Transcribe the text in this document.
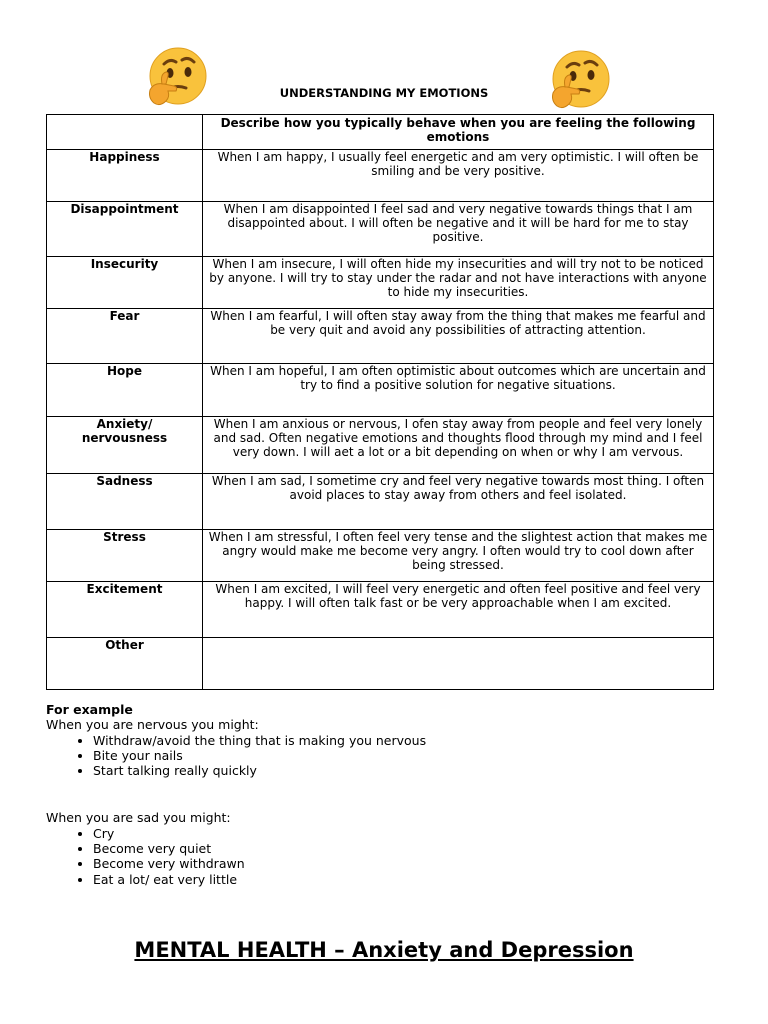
UNDERSTANDING MY EMOTIONS
	Describe how you typically behave when you are feeling the following emotions
Happiness	When I am happy, I usually feel energetic and am very optimistic. I will often be smiling and be very positive.
Disappointment	When I am disappointed I feel sad and very negative towards things that I am disappointed about. I will often be negative and it will be hard for me to stay positive.
Insecurity	When I am insecure, I will often hide my insecurities and will try not to be noticed by anyone. I will try to stay under the radar and not have interactions with anyone to hide my insecurities.
Fear	When I am fearful, I will often stay away from the thing that makes me fearful and be very quit and avoid any possibilities of attracting attention.
Hope	When I am hopeful, I am often optimistic about outcomes which are uncertain and try to find a positive solution for negative situations.
Anxiety/ nervousness	When I am anxious or nervous, I ofen stay away from people and feel very lonely and sad. Often negative emotions and thoughts flood through my mind and I feel very down. I will aet a lot or a bit depending on when or why I am vervous.
Sadness	When I am sad, I sometime cry and feel very negative towards most thing. I often avoid places to stay away from others and feel isolated.
Stress	When I am stressful, I often feel very tense and the slightest action that makes me angry would make me become very angry. I often would try to cool down after being stressed.
Excitement	When I am excited, I will feel very energetic and often feel positive and feel very happy. I will often talk fast or be very approachable when I am excited.
Other	
For example
When you are nervous you might:
• Withdraw/avoid the thing that is making you nervous
• Bite your nails
• Start talking really quickly
When you are sad you might:
• Cry
• Become very quiet
• Become very withdrawn
• Eat a lot/ eat very little
MENTAL HEALTH – Anxiety and Depression
